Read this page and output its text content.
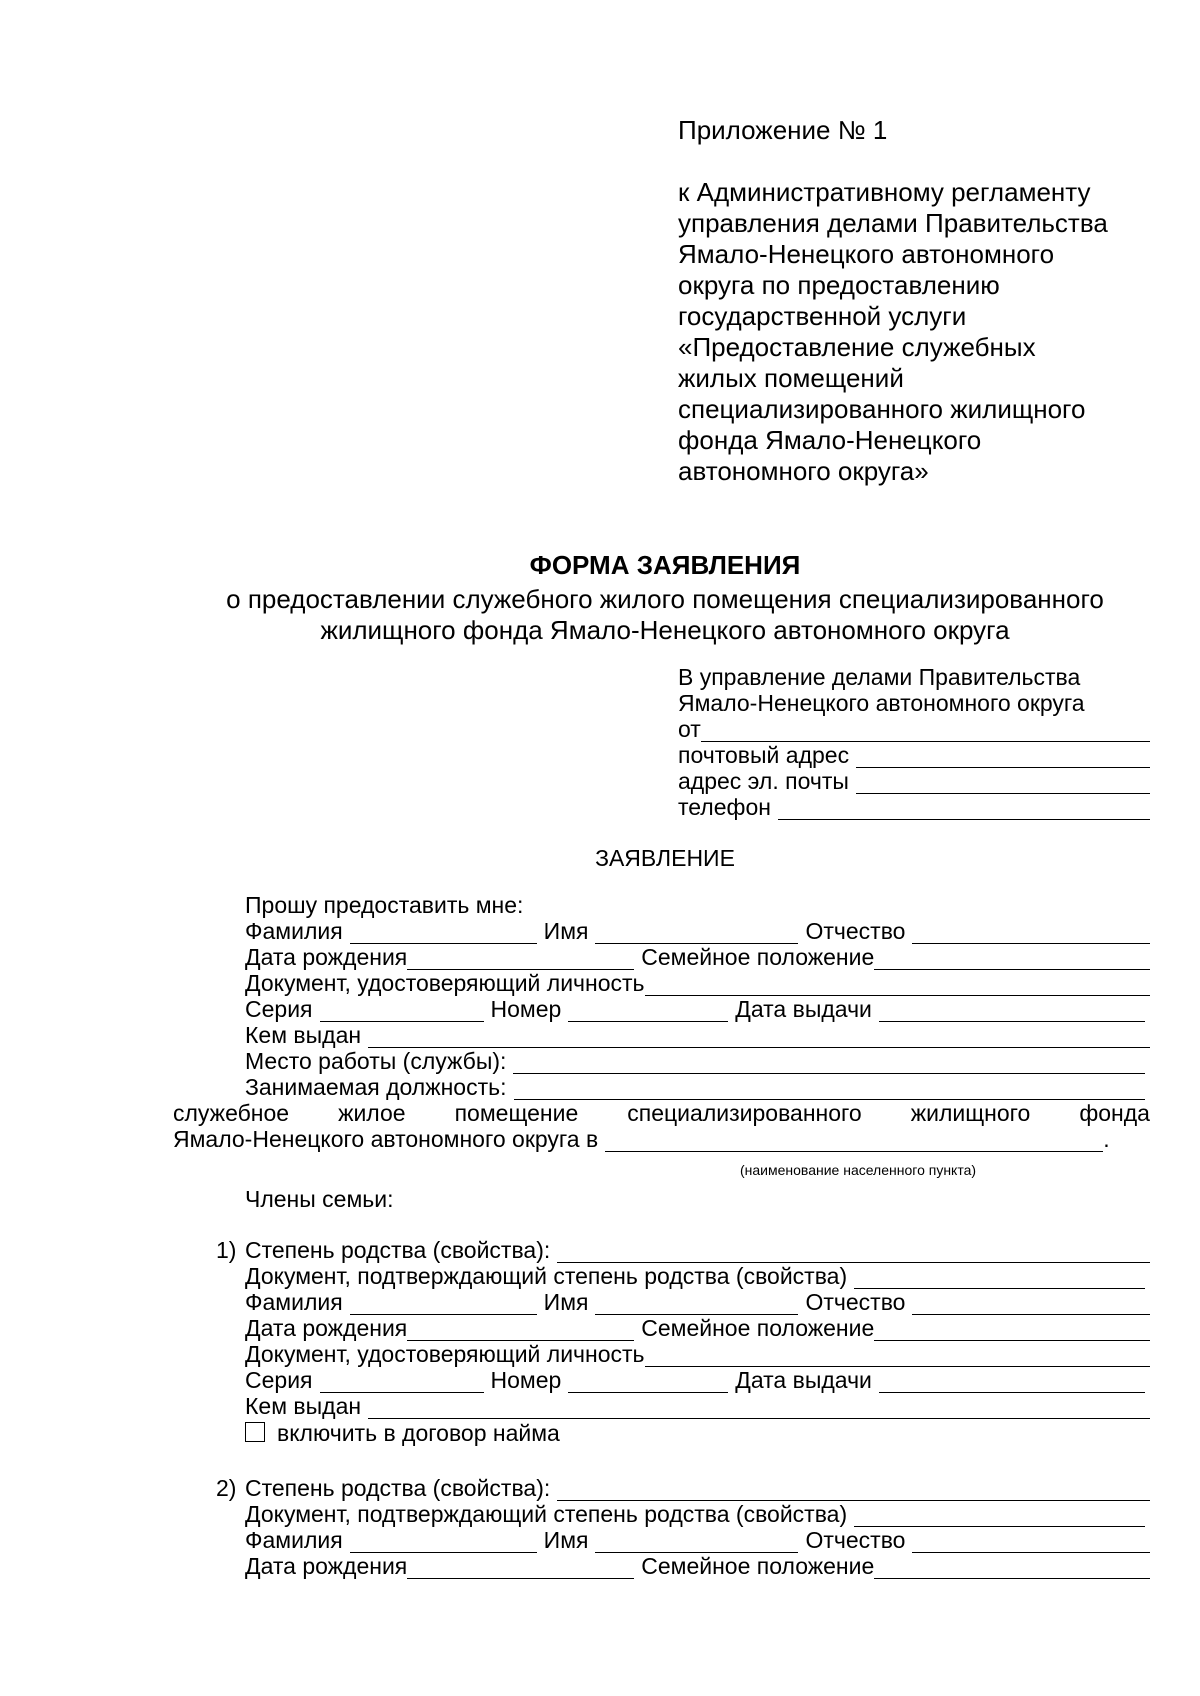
Приложение № 1
к Административному регламенту
управления делами Правительства
Ямало-Ненецкого автономного
округа по предоставлению
государственной услуги
«Предоставление служебных
жилых помещений
специализированного жилищного
фонда Ямало-Ненецкого
автономного округа»
ФОРМА ЗАЯВЛЕНИЯ
о предоставлении служебного жилого помещения специализированного
жилищного фонда Ямало-Ненецкого автономного округа
В управление делами Правительства
Ямало-Ненецкого автономного округа
от
почтовый адрес
адрес эл. почты
телефон
ЗАЯВЛЕНИЕ
Прошу предоставить мне:
Фамилия	Имя	Отчество
Дата рождения	Семейное положение
Документ, удостоверяющий личность
Серия	Номер	Дата выдачи
Кем выдан
Место работы (службы):
Занимаемая должность:
служебное жилое помещение специализированного жилищного фонда
Ямало-Ненецкого автономного округа в	.
(наименование населенного пункта)
Члены семьи:
1) Степень родства (свойства):
Документ, подтверждающий степень родства (свойства)
Фамилия	Имя	Отчество
Дата рождения	Семейное положение
Документ, удостоверяющий личность
Серия	Номер	Дата выдачи
Кем выдан
включить в договор найма
2) Степень родства (свойства):
Документ, подтверждающий степень родства (свойства)
Фамилия	Имя	Отчество
Дата рождения	Семейное положение
